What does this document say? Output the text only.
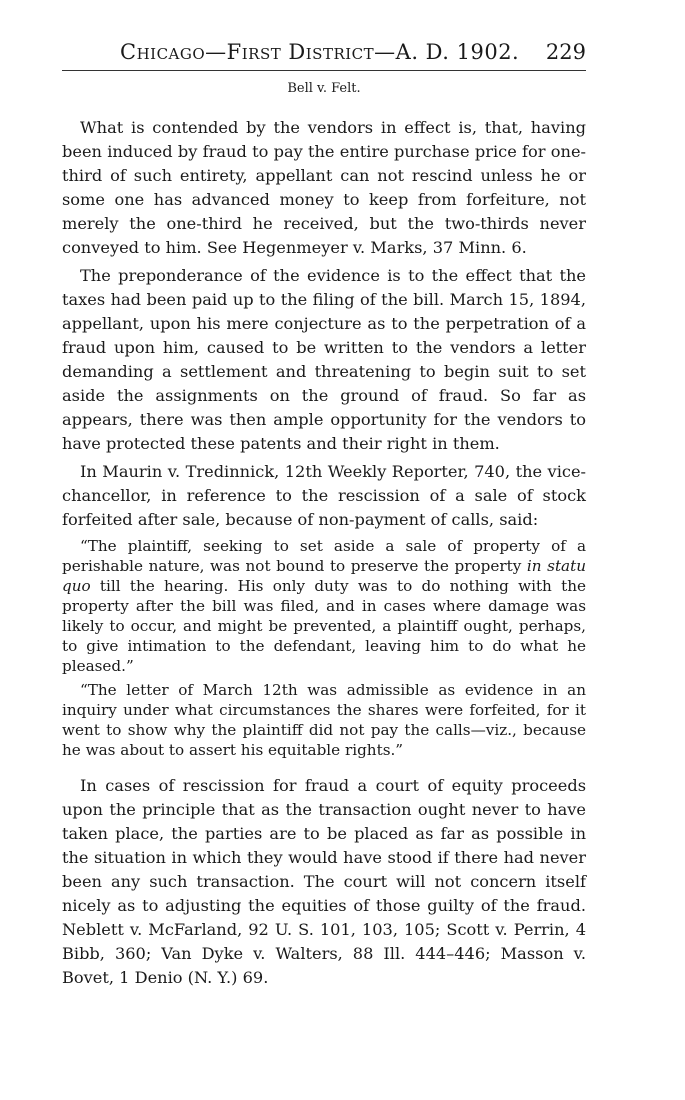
Chicago—First District—A. D. 1902. 229
Bell v. Felt.

What is contended by the vendors in effect is, that, having been induced by fraud to pay the entire purchase price for one-third of such entirety, appellant can not rescind unless he or some one has advanced money to keep from forfeiture, not merely the one-third he received, but the two-thirds never conveyed to him. See Hegenmeyer v. Marks, 37 Minn. 6.

The preponderance of the evidence is to the effect that the taxes had been paid up to the filing of the bill. March 15, 1894, appellant, upon his mere conjecture as to the perpetration of a fraud upon him, caused to be written to the vendors a letter demanding a settlement and threatening to begin suit to set aside the assignments on the ground of fraud. So far as appears, there was then ample opportunity for the vendors to have protected these patents and their right in them.

In Maurin v. Tredinnick, 12th Weekly Reporter, 740, the vice-chancellor, in reference to the rescission of a sale of stock forfeited after sale, because of non-payment of calls, said:

“The plaintiff, seeking to set aside a sale of property of a perishable nature, was not bound to preserve the property in statu quo till the hearing. His only duty was to do nothing with the property after the bill was filed, and in cases where damage was likely to occur, and might be prevented, a plaintiff ought, perhaps, to give intimation to the defendant, leaving him to do what he pleased.”

“The letter of March 12th was admissible as evidence in an inquiry under what circumstances the shares were forfeited, for it went to show why the plaintiff did not pay the calls—viz., because he was about to assert his equitable rights.”

In cases of rescission for fraud a court of equity proceeds upon the principle that as the transaction ought never to have taken place, the parties are to be placed as far as possible in the situation in which they would have stood if there had never been any such transaction. The court will not concern itself nicely as to adjusting the equities of those guilty of the fraud. Neblett v. McFarland, 92 U. S. 101, 103, 105; Scott v. Perrin, 4 Bibb, 360; Van Dyke v. Walters, 88 Ill. 444–446; Masson v. Bovet, 1 Denio (N. Y.) 69.
